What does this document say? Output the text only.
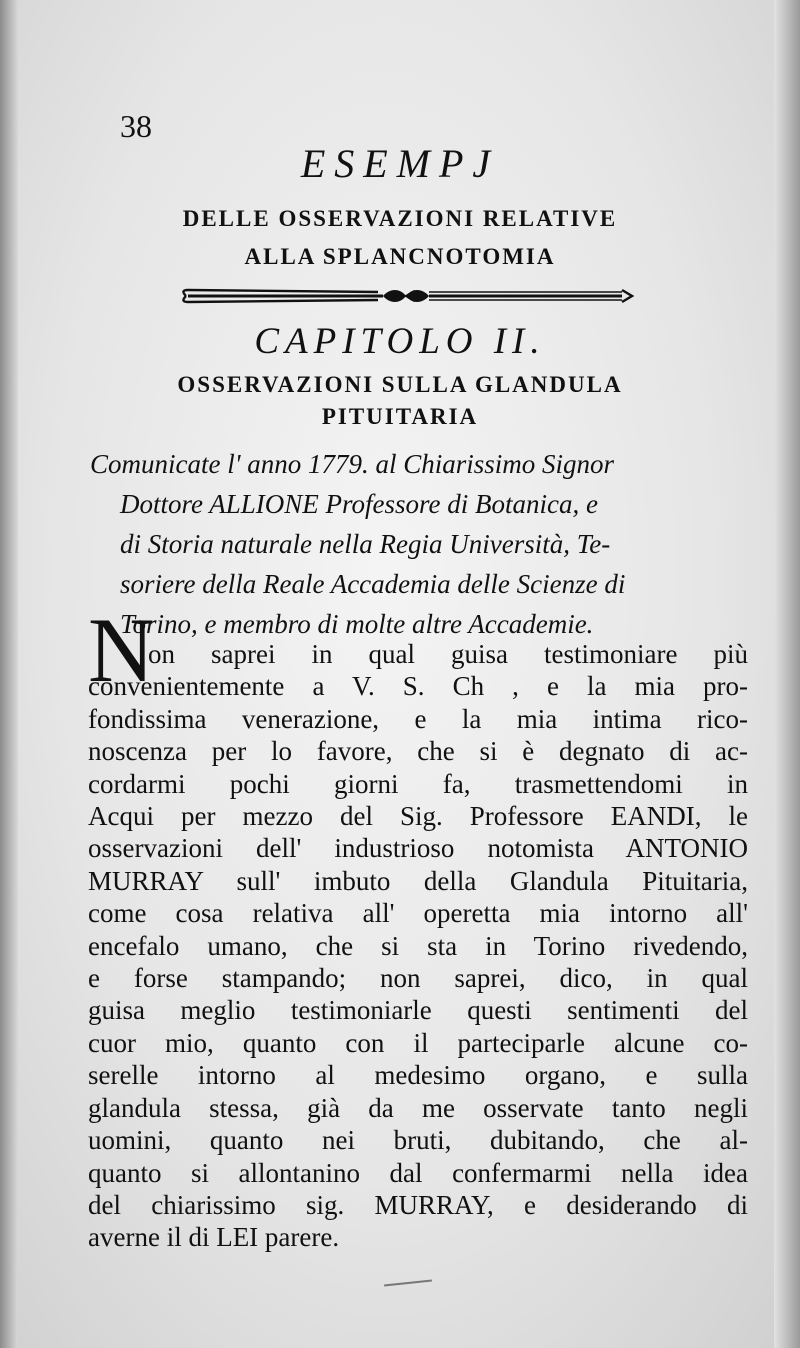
38
ESEMPJ
DELLE OSSERVAZIONI RELATIVE
ALLA SPLANCNOTOMIA
CAPITOLO II.
OSSERVAZIONI SULLA GLANDULA
PITUITARIA
Comunicate l' anno 1779. al Chiarissimo Signor
Dottore ALLIONE Professore di Botanica, e
di Storia naturale nella Regia Università, Te-
soriere della Reale Accademia delle Scienze di
Torino, e membro di molte altre Accademie.
N
on saprei in qual guisa testimoniare più
convenientemente a V. S. Ch , e la mia pro-
fondissima venerazione, e la mia intima rico-
noscenza per lo favore, che si è degnato di ac-
cordarmi pochi giorni fa, trasmettendomi in
Acqui per mezzo del Sig. Professore EANDI, le
osservazioni dell' industrioso notomista ANTONIO
MURRAY sull' imbuto della Glandula Pituitaria,
come cosa relativa all' operetta mia intorno all'
encefalo umano, che si sta in Torino rivedendo,
e forse stampando; non saprei, dico, in qual
guisa meglio testimoniarle questi sentimenti del
cuor mio, quanto con il parteciparle alcune co-
serelle intorno al medesimo organo, e sulla
glandula stessa, già da me osservate tanto negli
uomini, quanto nei bruti, dubitando, che al-
quanto si allontanino dal confermarmi nella idea
del chiarissimo sig. MURRAY, e desiderando di
averne il di LEI parere.
